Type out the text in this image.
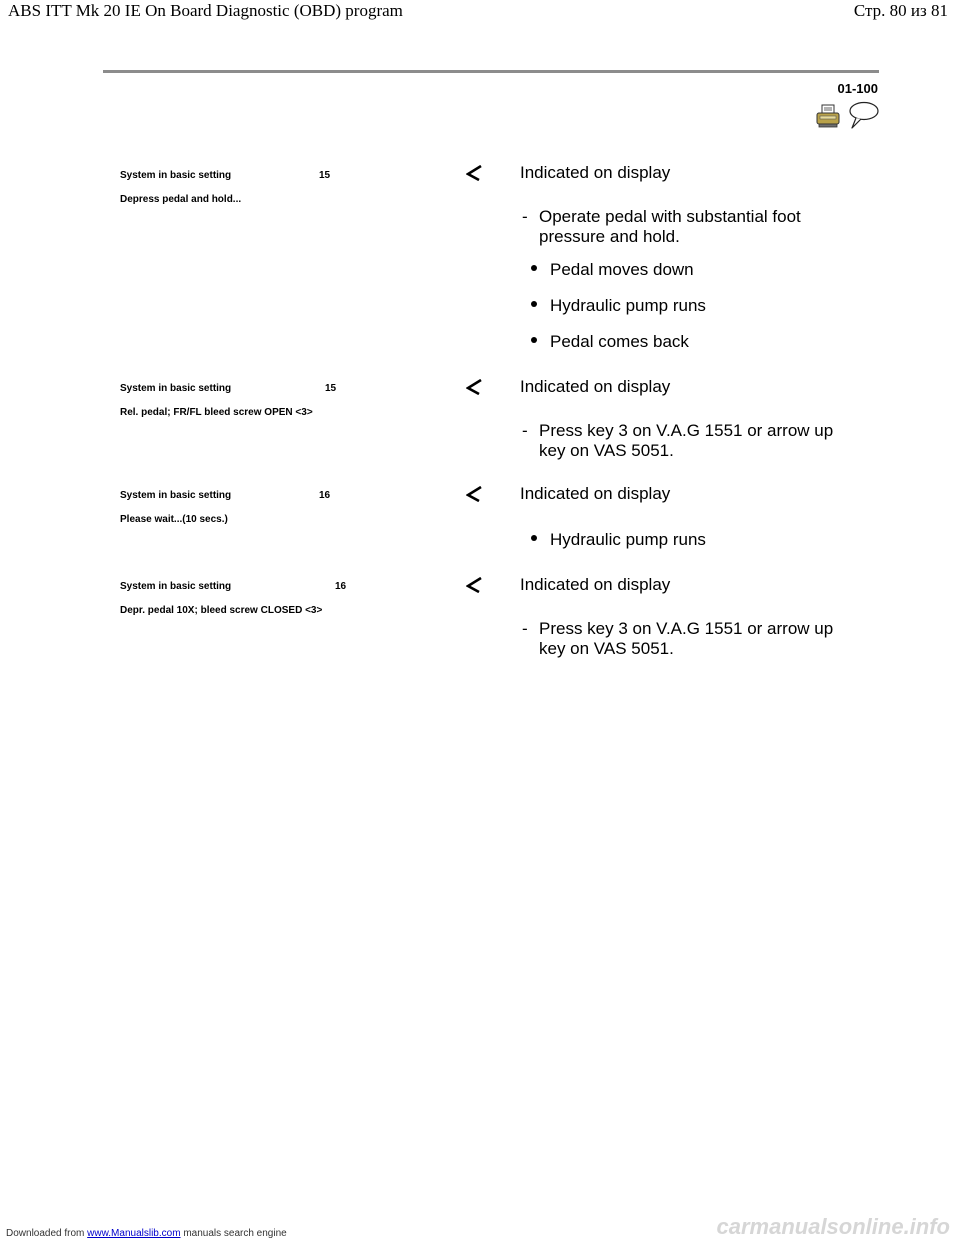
ABS ITT Mk 20 IE On Board Diagnostic (OBD) program	Стр. 80 из 81
01-100
System in basic setting	15
Depress pedal and hold...
Indicated on display
- Operate pedal with substantial foot pressure and hold.
Pedal moves down
Hydraulic pump runs
Pedal comes back
System in basic setting	15
Rel. pedal; FR/FL bleed screw OPEN <3>
Indicated on display
- Press key 3 on V.A.G 1551 or arrow up key on VAS 5051.
System in basic setting	16
Please wait...(10 secs.)
Indicated on display
Hydraulic pump runs
System in basic setting	16
Depr. pedal 10X; bleed screw CLOSED <3>
Indicated on display
- Press key 3 on V.A.G 1551 or arrow up key on VAS 5051.
Downloaded from www.Manualslib.com manuals search engine	carmanualsonline.info
